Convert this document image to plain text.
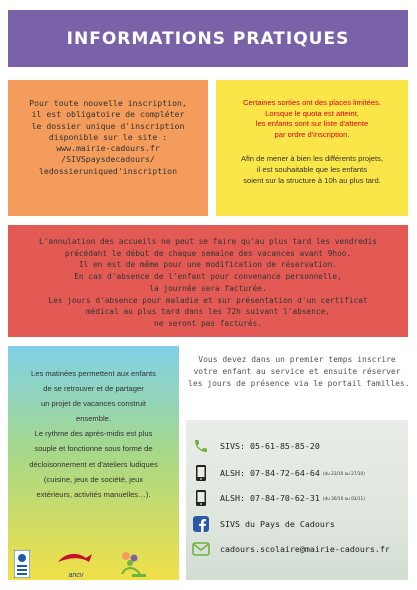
INFORMATIONS PRATIQUES
Pour toute nouvelle inscription,
il est obligatoire de compléter
le dossier unique d'inscription
disponible sur le site :
www.mairie-cadours.fr
/SIVSpaysdecadours/
ledossieruniqued'inscription
Certaines sorties ont des places limitées.
Lorsque le quota est atteint,
les enfants sont sur liste d'attente
par ordre d'inscription.
Afin de mener à bien les différents projets,
il est souhaitable que les enfants
soient sur la structure à 10h au plus tard.
L'annulation des accueils ne peut se faire qu'au plus tard les vendredis
précédant le début de chaque semaine des vacances avant 9hoo.
Il en est de même pour une modification de réservation.
En cas d'absence de l'enfant pour convenance personnelle,
la journée sera facturée.
Les jours d'absence pour maladie et sur présentation d'un certificat
médical au plus tard dans les 72h suivant l'absence,
ne seront pas facturés.
Les matinées permettent aux enfants
de se retrouver et de partager
un projet de vacances construit
ensemble.
Le rythme des après-midis est plus
souple et fonctionne sous forme de
décloisonnement et d'ateliers ludiques
(cuisine, jeux de société, jeux
extérieurs, activités manuelles…).
Vous devez dans un premier temps inscrire
votre enfant au service et ensuite réserver
les jours de présence via le portail familles.
SIVS: 05-61-85-85-20
ALSH: 07-84-72-64-64 (du 23/10 au 27/10)
ALSH: 07-84-70-62-31 (du 30/10 au 03/11)
SIVS du Pays de Cadours
cadours.scolaire@mairie-cadours.fr
ancv
